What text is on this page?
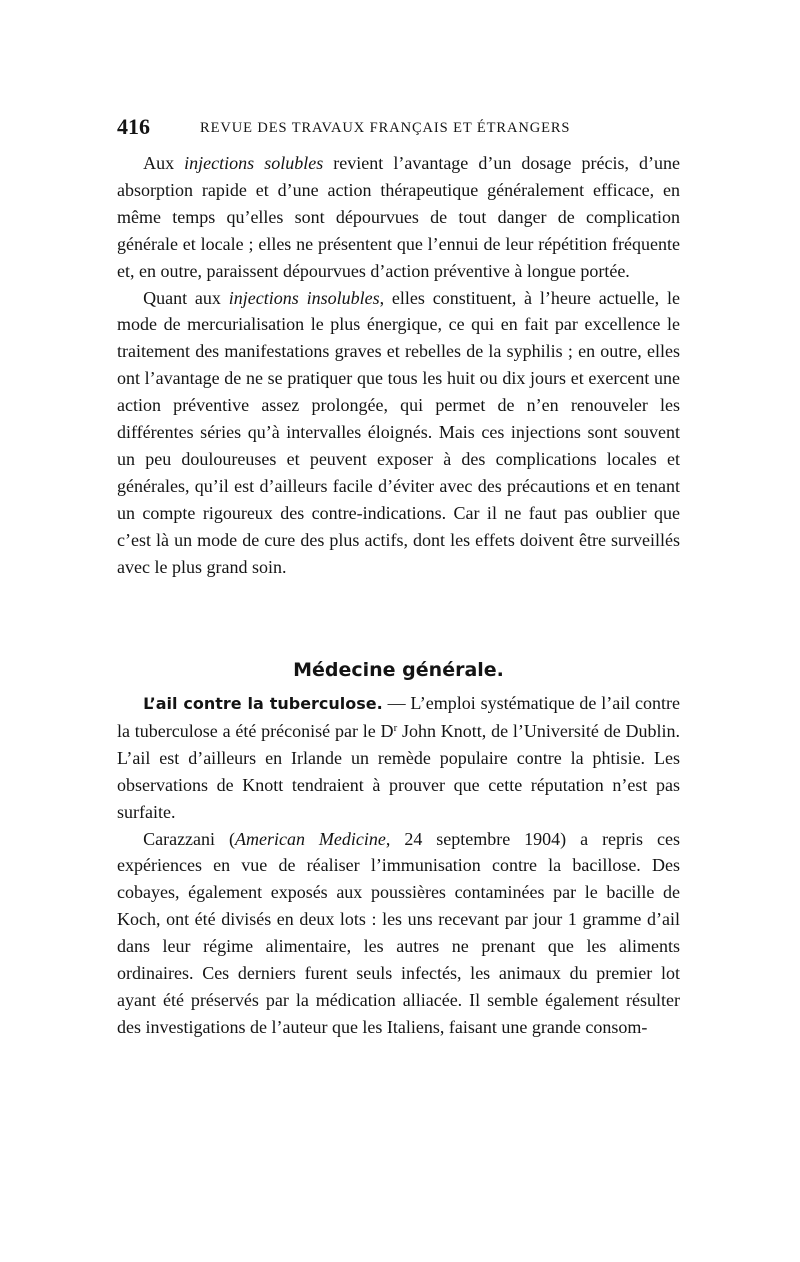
416	REVUE DES TRAVAUX FRANÇAIS ET ÉTRANGERS

Aux injections solubles revient l’avantage d’un dosage précis, d’une absorption rapide et d’une action thérapeutique généralement efficace, en même temps qu’elles sont dépourvues de tout danger de complication générale et locale ; elles ne présentent que l’ennui de leur répétition fréquente et, en outre, paraissent dépourvues d’action préventive à longue portée.

Quant aux injections insolubles, elles constituent, à l’heure actuelle, le mode de mercurialisation le plus énergique, ce qui en fait par excellence le traitement des manifestations graves et rebelles de la syphilis ; en outre, elles ont l’avantage de ne se pratiquer que tous les huit ou dix jours et exercent une action préventive assez prolongée, qui permet de n’en renouveler les différentes séries qu’à intervalles éloignés. Mais ces injections sont souvent un peu douloureuses et peuvent exposer à des complications locales et générales, qu’il est d’ailleurs facile d’éviter avec des précautions et en tenant un compte rigoureux des contre-indications. Car il ne faut pas oublier que c’est là un mode de cure des plus actifs, dont les effets doivent être surveillés avec le plus grand soin.

Médecine générale.

L’ail contre la tuberculose. — L’emploi systématique de l’ail contre la tuberculose a été préconisé par le $D^r$ John Knott, de l’Université de Dublin. L’ail est d’ailleurs en Irlande un remède populaire contre la phtisie. Les observations de Knott tendraient à prouver que cette réputation n’est pas surfaite.

Carazzani (American Medicine, 24 septembre 1904) a repris ces expériences en vue de réaliser l’immunisation contre la bacillose. Des cobayes, également exposés aux poussières contaminées par le bacille de Koch, ont été divisés en deux lots : les uns recevant par jour 1 gramme d’ail dans leur régime alimentaire, les autres ne prenant que les aliments ordinaires. Ces derniers furent seuls infectés, les animaux du premier lot ayant été préservés par la médication alliacée. Il semble également résulter des investigations de l’auteur que les Italiens, faisant une grande consom-
